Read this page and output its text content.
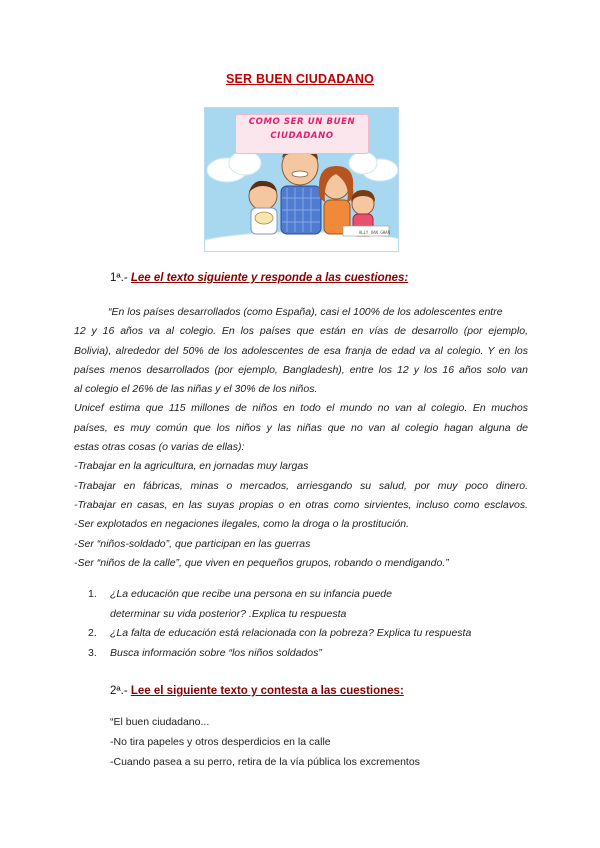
SER BUEN CIUDADANO
COMO SER UN BUEN
CIUDADANO
ALLY VAN GHAN
1ª.- Lee el texto siguiente y responde a las cuestiones:
“En los países desarrollados (como España), casi el 100% de los adolescentes entre
12 y 16 años va al colegio. En los países que están en vías de desarrollo (por ejemplo,
Bolivia), alrededor del 50% de los adolescentes de esa franja de edad va al colegio. Y en los
países menos desarrollados (por ejemplo, Bangladesh), entre los 12 y los 16 años solo van
al colegio el 26% de las niñas y el 30% de los niños.
Unicef estima que 115 millones de niños en todo el mundo no van al colegio. En muchos
países, es muy común que los niños y las niñas que no van al colegio hagan alguna de
estas otras cosas (o varias de ellas):
-Trabajar en la agricultura, en jornadas muy largas
-Trabajar en fábricas, minas o mercados, arriesgando su salud, por muy poco dinero.
-Trabajar en casas, en las suyas propias o en otras como sirvientes, incluso como esclavos.
-Ser explotados en negaciones ilegales, como la droga o la prostitución.
-Ser “niños-soldado”, que participan en las guerras
-Ser “niños de la calle”, que viven en pequeños grupos, robando o mendigando.”
1. ¿La educación que recibe una persona en su infancia puede determinar su vida posterior? .Explica tu respuesta
2. ¿La falta de educación está relacionada con la pobreza? Explica tu respuesta
3. Busca información sobre “los niños soldados”
2ª.- Lee el siguiente texto y contesta a las cuestiones:
“El buen ciudadano...
-No tira papeles y otros desperdicios en la calle
-Cuando pasea a su perro, retira de la vía pública los excrementos
